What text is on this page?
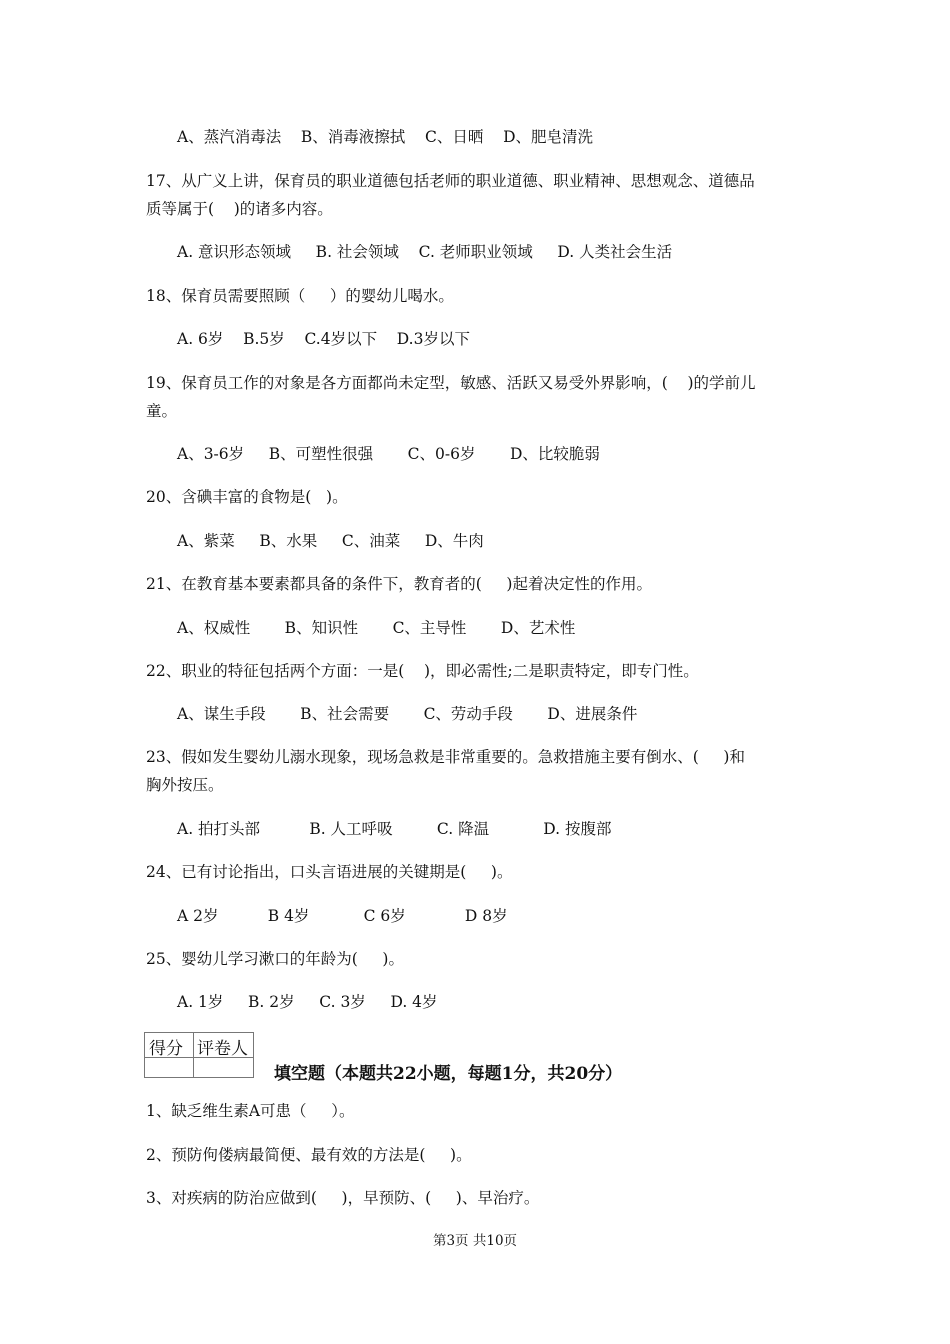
A、蒸汽消毒法    B、消毒液擦拭    C、日晒    D、肥皂清洗
17、从广义上讲，保育员的职业道德包括老师的职业道德、职业精神、思想观念、道德品
质等属于(    )的诸多内容。
A. 意识形态领域     B. 社会领域    C. 老师职业领域     D. 人类社会生活
18、保育员需要照顾（     ）的婴幼儿喝水。
A. 6岁    B.5岁    C.4岁以下    D.3岁以下
19、保育员工作的对象是各方面都尚未定型，敏感、活跃又易受外界影响，(    )的学前儿
童。
A、3-6岁     B、可塑性很强       C、0-6岁       D、比较脆弱
20、含碘丰富的食物是(   )。
A、紫菜     B、水果     C、油菜     D、牛肉
21、在教育基本要素都具备的条件下，教育者的(     )起着决定性的作用。
A、权威性       B、知识性       C、主导性       D、艺术性
22、职业的特征包括两个方面：一是(    )，即必需性;二是职责特定，即专门性。
A、谋生手段       B、社会需要       C、劳动手段       D、进展条件
23、假如发生婴幼儿溺水现象，现场急救是非常重要的。急救措施主要有倒水、(     )和
胸外按压。
A. 拍打头部          B. 人工呼吸         C. 降温           D. 按腹部
24、已有讨论指出，口头言语进展的关键期是(     )。
A 2岁          B 4岁           C 6岁            D 8岁
25、婴幼儿学习漱口的年龄为(     )。
A. 1岁     B. 2岁     C. 3岁     D. 4岁
得分 评卷人
填空题（本题共22小题，每题1分，共20分）
1、缺乏维生素A可患（     ）。
2、预防佝偻病最简便、最有效的方法是(     )。
3、对疾病的防治应做到(     )，早预防、(     )、早治疗。
第3页 共10页
